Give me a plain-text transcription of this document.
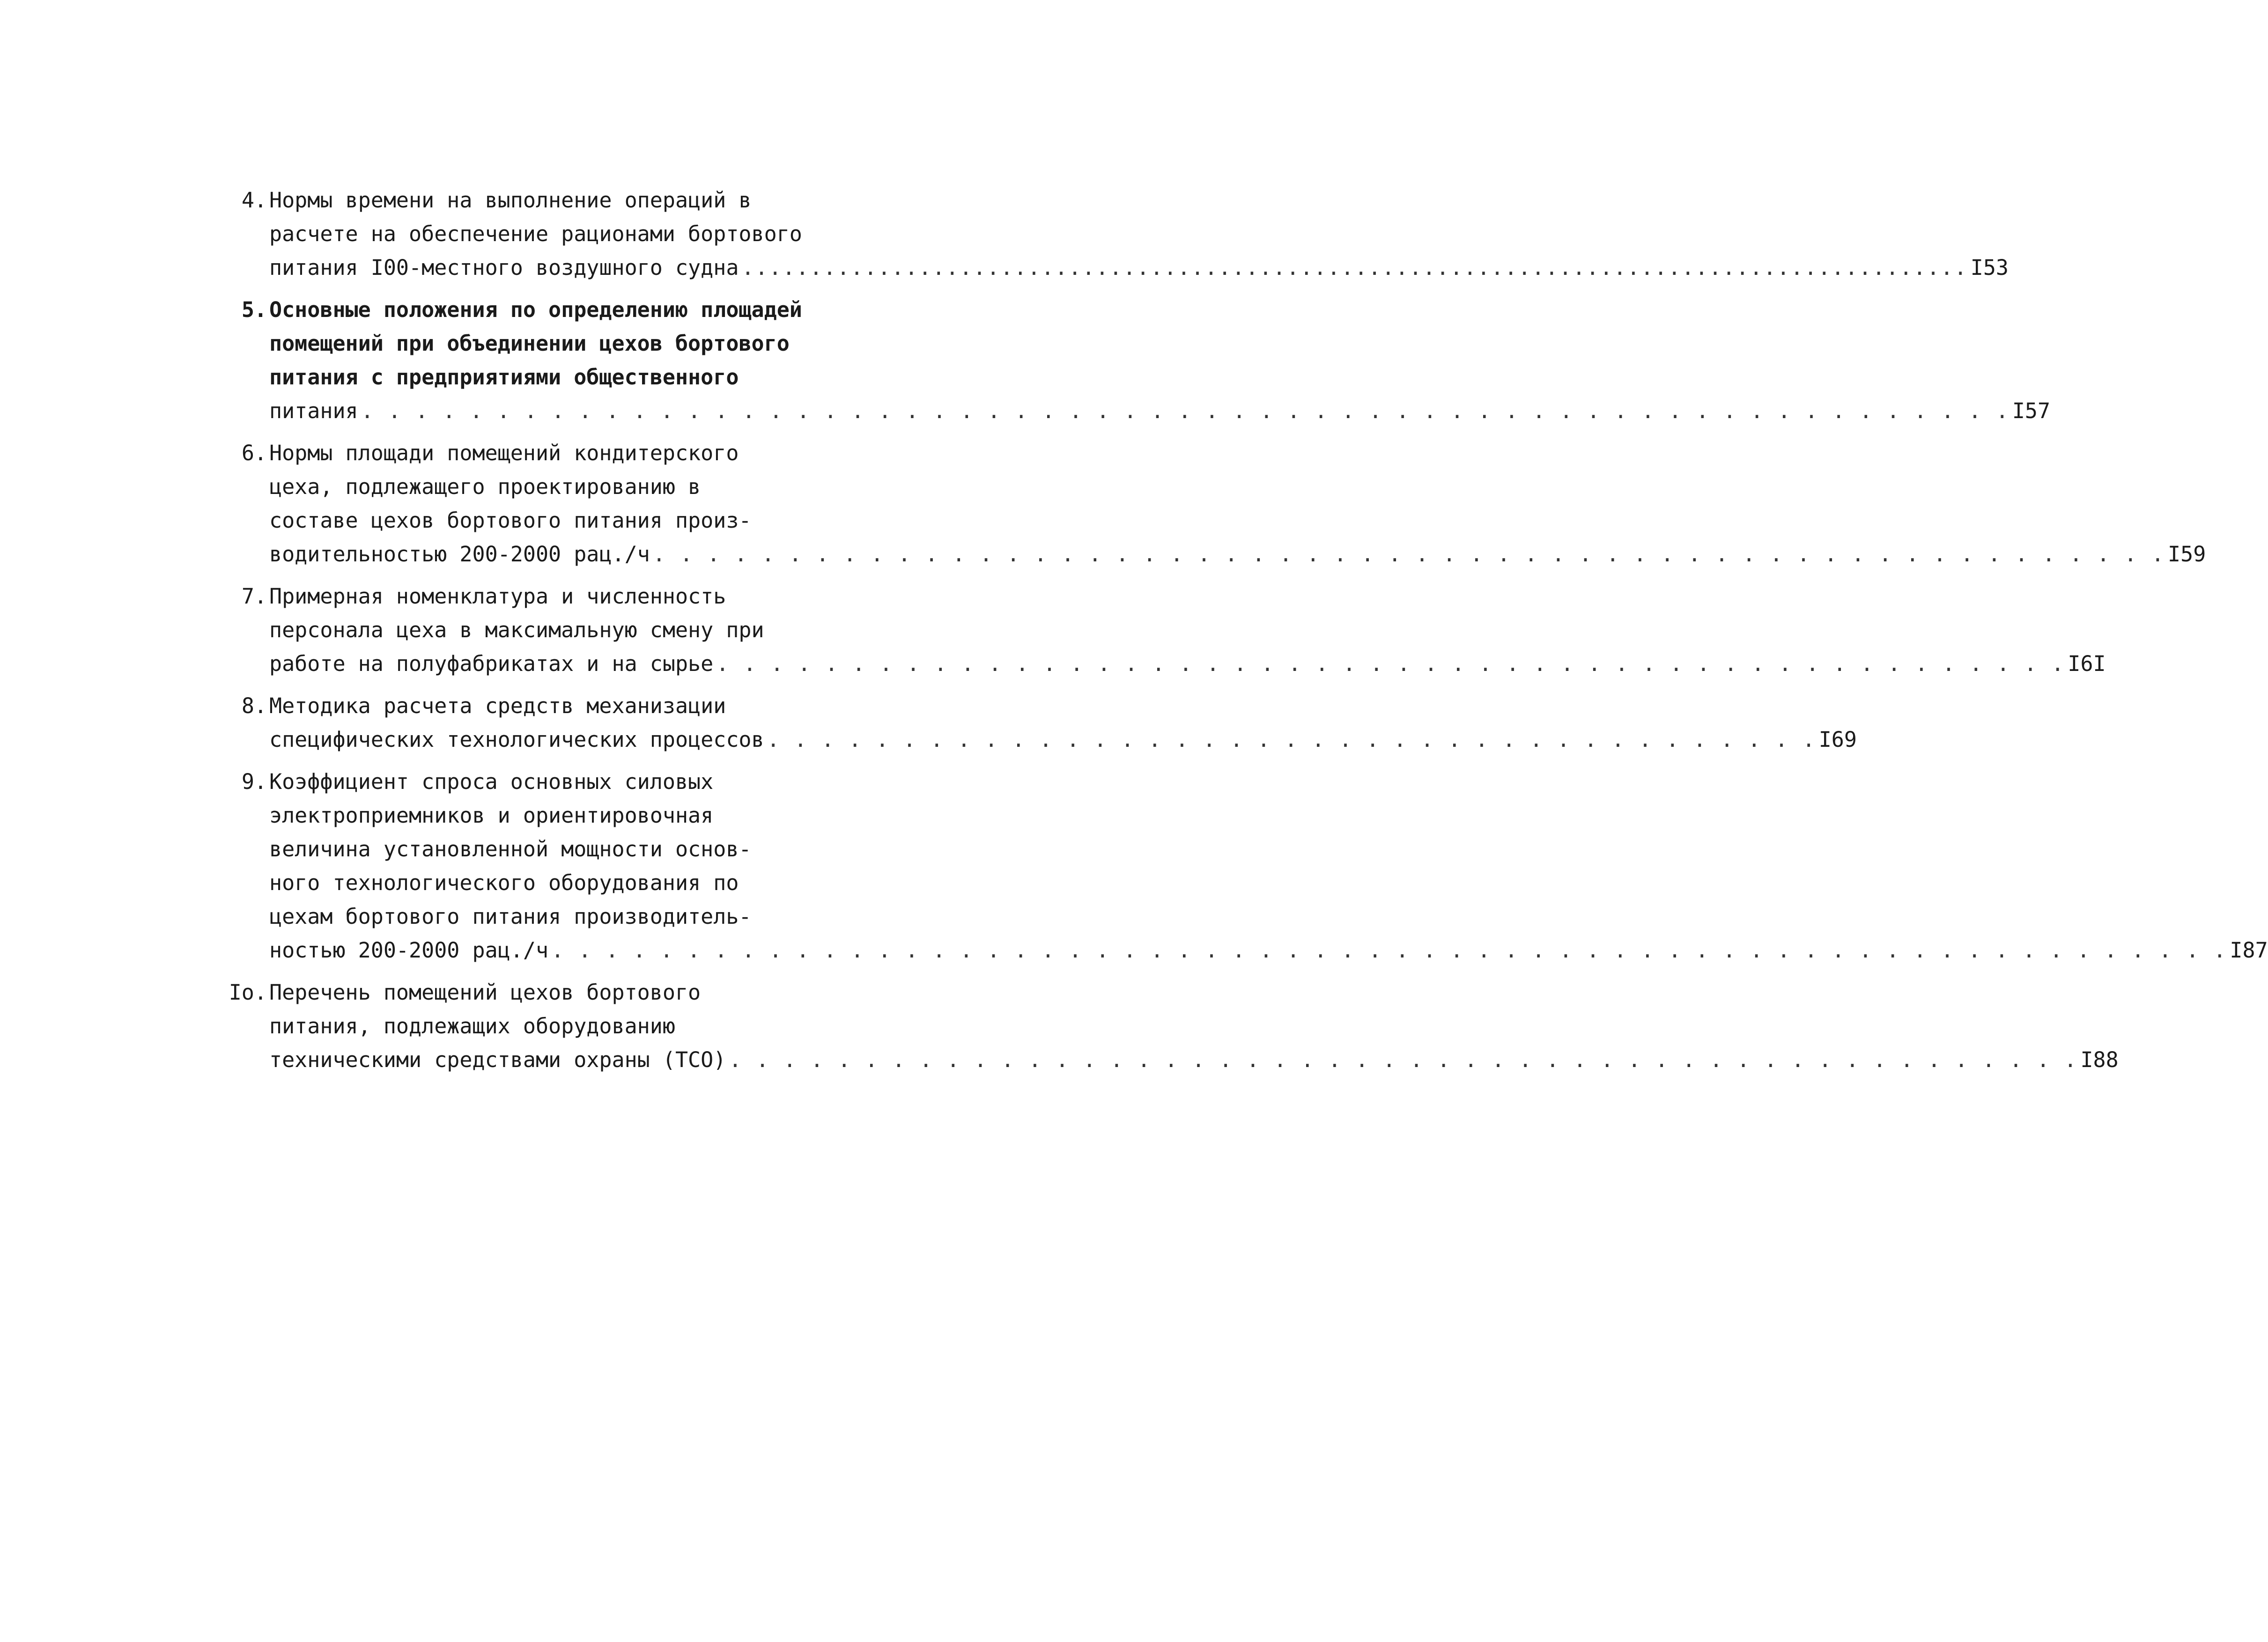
4. Нормы времени на выполнение операций в
расчете на обеспечение рационами бортового
питания I00-местного воздушного судна .......................................................................................... I53
5. Основные положения по определению площадей
помещений при объединении цехов бортового
питания с предприятиями общественного
питания . . . . . . . . . . . . . . . . . . . . . . . . . . . . . . . . . . . . . . . . . . . . . . . . . . . . . . . . . . . . . I57
6. Нормы площади помещений кондитерского
цеха, подлежащего проектированию в
составе цехов бортового питания произ-
водительностью 200-2000 рац./ч . . . . . . . . . . . . . . . . . . . . . . . . . . . . . . . . . . . . . . . . . . . . . . . . . . . . . . . . I59
7. Примерная номенклатура и численность
персонала цеха в максимальную смену при
работе на полуфабрикатах и на сырье . . . . . . . . . . . . . . . . . . . . . . . . . . . . . . . . . . . . . . . . . . . . . . . . . . I6I
8. Методика расчета средств механизации
специфических технологических процессов . . . . . . . . . . . . . . . . . . . . . . . . . . . . . . . . . . . . . . . I69
9. Коэффициент спроса основных силовых
электроприемников и ориентировочная
величина установленной мощности основ-
ного технологического оборудования по
цехам бортового питания производитель-
ностью 200-2000 рац./ч . . . . . . . . . . . . . . . . . . . . . . . . . . . . . . . . . . . . . . . . . . . . . . . . . . . . . . . . . . . . . . I87
Iо. Перечень помещений цехов бортового
питания, подлежащих оборудованию
техническими средствами охраны (ТСО) . . . . . . . . . . . . . . . . . . . . . . . . . . . . . . . . . . . . . . . . . . . . . . . . . . I88
